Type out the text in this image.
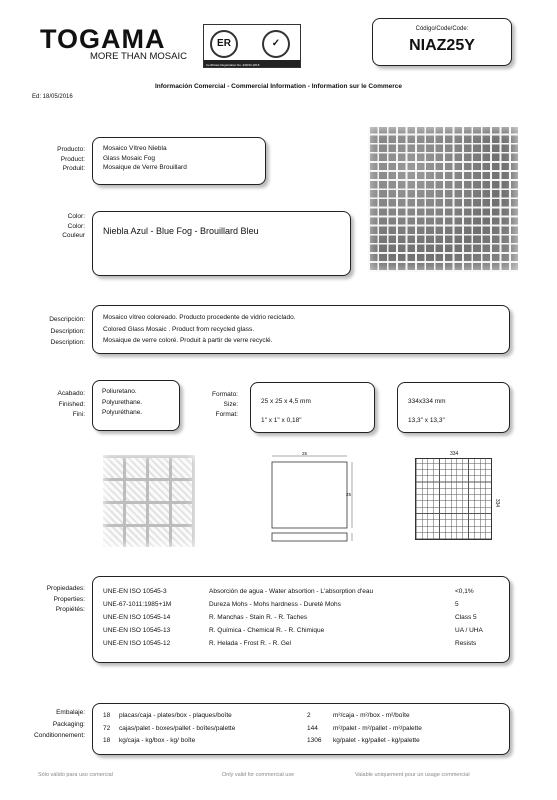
TOGAMA
MORE THAN MOSAIC
ER	✓
Certificate Registration No. ES033-2015
Código/Code/Code:
NIAZ25Y
Información Comercial - Commercial Information - Information sur le Commerce
Ed: 18/05/2016
Producto:
Product:
Produit:
Mosaico Vítreo Niebla
Glass Mosaic Fog
Mosaique de Verre Brouillard
Color:
Color:
Couleur Niebla Azul - Blue Fog - Brouillard Bleu
Descripción:
Description:
Description:
Mosaico vítreo coloreado. Producto procedente de vidrio reciclado.
Colored Glass Mosaic . Product from recycled glass.
Mosaique de verre coloré. Produit à partir de verre recyclé.
Acabado:
Finished:
Fini:
Poliuretano.
Polyurethane.
Polyuréthane.
Formato:
Size:
Format:
25 x 25 x 4,5 mm
1" x 1" x 0,18"
334x334 mm
13,3" x 13,3"
25
25
334
334
Propiedades:
Properties:
Propiétés:
UNE-EN ISO 10545-3	Absorción de agua - Water absortion - L'absorption d'eau	<0,1%
UNE-67-1011:1985+1M	Dureza Mohs - Mohs hardness - Dureté Mohs	5
UNE-EN ISO 10545-14	R. Manchas - Stain R. - R. Taches	Class 5
UNE-EN ISO 10545-13	R. Química - Chemical R. - R. Chimique	UA / UHA
UNE-EN ISO 10545-12	R. Helada - Frost R. - R. Gel	Resists
Embalaje:
Packaging:
Conditionnement:
18	placas/caja - plates/box - plaques/boîte	2	m²/caja - m²/box - m²/boîte
72	cajas/palet - boxes/pallet - boîtes/palette	144	m²/palet - m²/pallet - m²/palette
18	kg/caja - kg/box - kg/ boîte	1306	kg/palet - kg/pallet - kg/palette
Sólo válido para uso comercial	Only valid for commercial use	Valable uniquement pour un usage commercial
